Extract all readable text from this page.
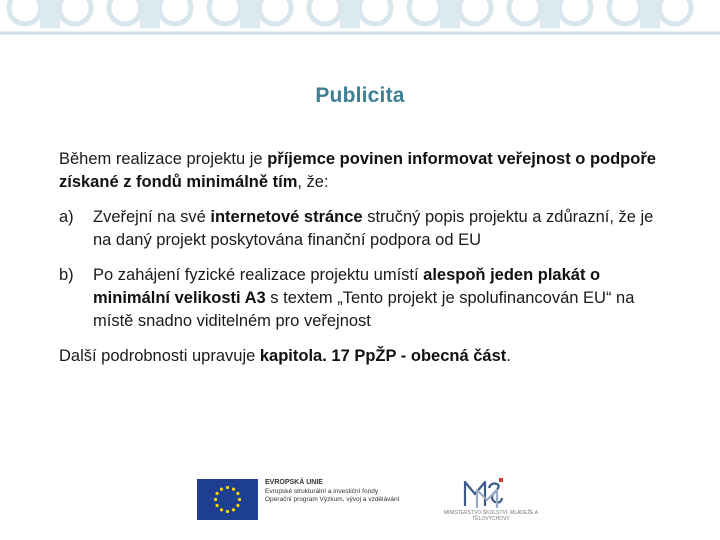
Publicita

Během realizace projektu je příjemce povinen informovat veřejnost o podpoře získané z fondů minimálně tím, že:

a)	Zveřejní na své internetové stránce stručný popis projektu a zdůrazní, že je na daný projekt poskytována finanční podpora od EU
b)	Po zahájení fyzické realizace projektu umístí alespoň jeden plakát o minimální velikosti A3 s textem „Tento projekt je spolufinancován EU“ na místě snadno viditelném pro veřejnost

Další podrobnosti upravuje kapitola. 17 PpŽP - obecná část.

EVROPSKÁ UNIE
Evropské strukturální a investiční fondy
Operační program Výzkum, vývoj a vzdělávání
MINISTERSTVO ŠKOLSTVÍ, MLÁDEŽE A TĚLOVÝCHOVY
